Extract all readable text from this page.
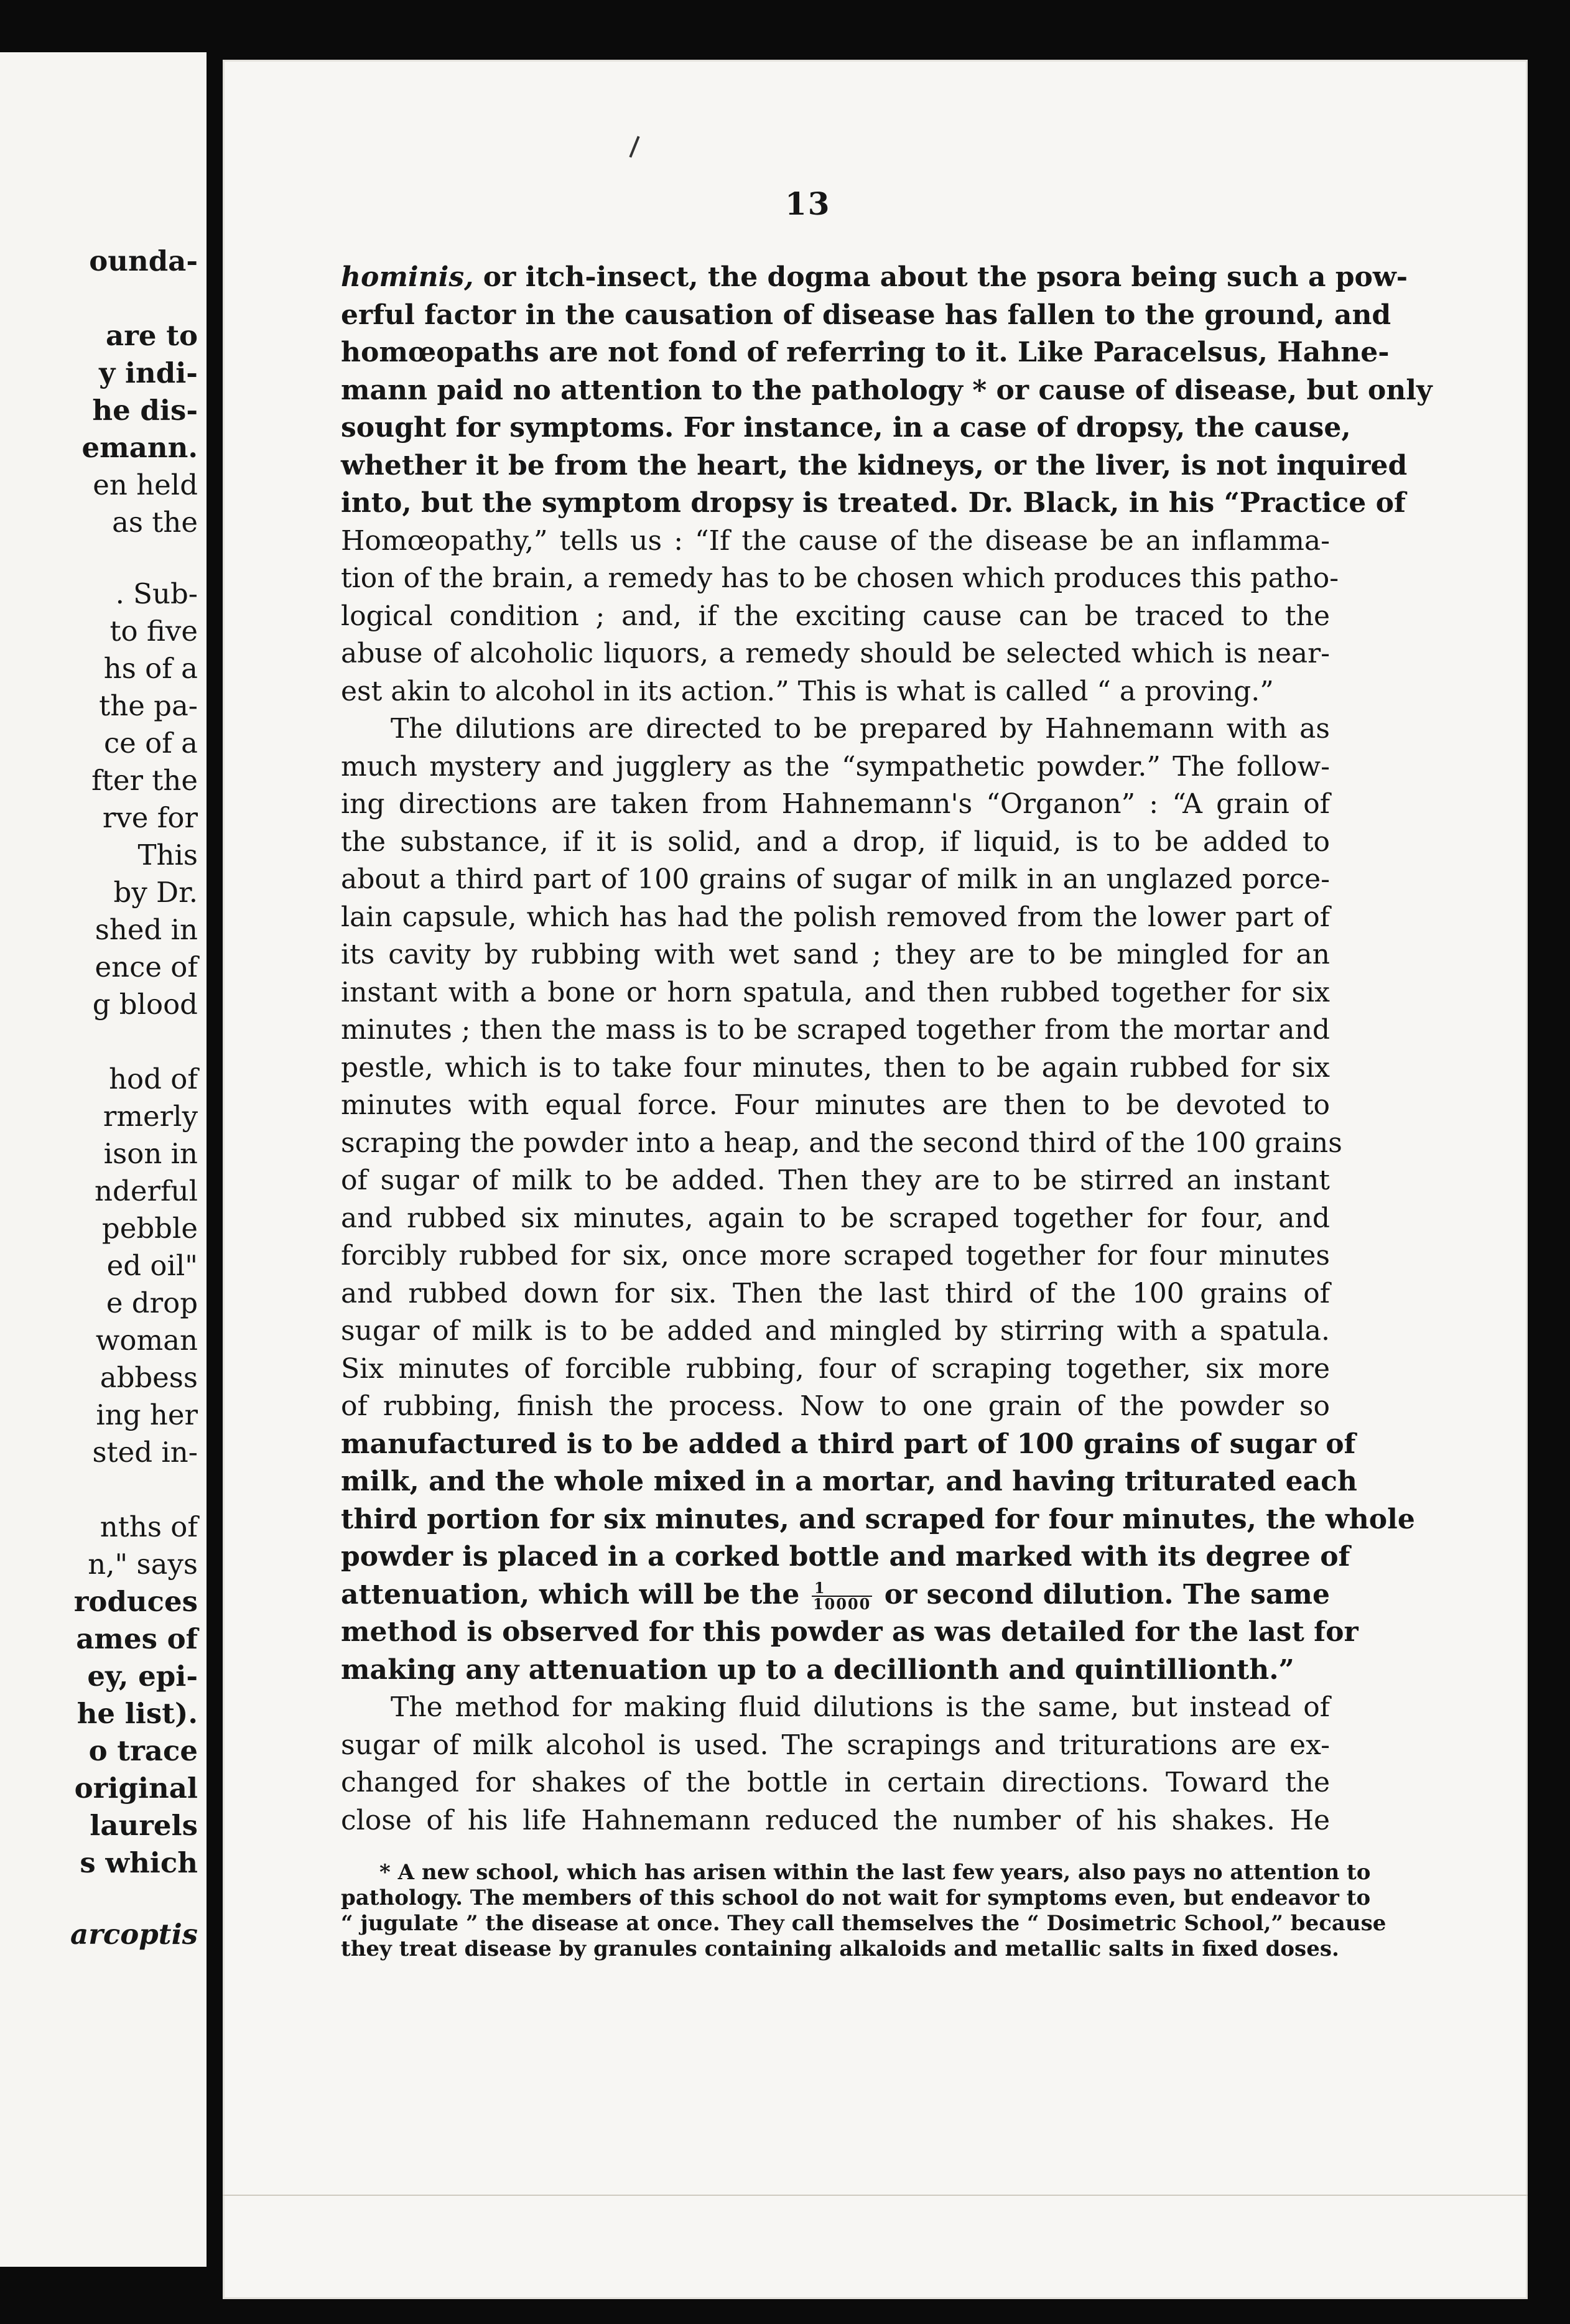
ounda-
are to
y indi-
he dis-
emann.
en held
as the
. Sub-
to five
hs of a
the pa-
ce of a
fter the
rve for
This
by Dr.
shed in
ence of
g blood
hod of
rmerly
ison in
nderful
pebble
ed oil"
e drop
woman
abbess
ing her
sted in-
nths of
n," says
roduces
ames of
ey, epi-
he list).
o trace
original
laurels
s which
arcoptis
13
hominis, or itch-insect, the dogma about the psora being such a pow-
erful factor in the causation of disease has fallen to the ground, and
homœopaths are not fond of referring to it. Like Paracelsus, Hahne-
mann paid no attention to the pathology * or cause of disease, but only
sought for symptoms. For instance, in a case of dropsy, the cause,
whether it be from the heart, the kidneys, or the liver, is not inquired
into, but the symptom dropsy is treated. Dr. Black, in his “Practice of
Homœopathy,” tells us : “If the cause of the disease be an inflamma-
tion of the brain, a remedy has to be chosen which produces this patho-
logical condition ; and, if the exciting cause can be traced to the
abuse of alcoholic liquors, a remedy should be selected which is near-
est akin to alcohol in its action.” This is what is called “ a proving.”
The dilutions are directed to be prepared by Hahnemann with as
much mystery and jugglery as the “sympathetic powder.” The follow-
ing directions are taken from Hahnemann's “Organon” : “A grain of
the substance, if it is solid, and a drop, if liquid, is to be added to
about a third part of 100 grains of sugar of milk in an unglazed porce-
lain capsule, which has had the polish removed from the lower part of
its cavity by rubbing with wet sand ; they are to be mingled for an
instant with a bone or horn spatula, and then rubbed together for six
minutes ; then the mass is to be scraped together from the mortar and
pestle, which is to take four minutes, then to be again rubbed for six
minutes with equal force. Four minutes are then to be devoted to
scraping the powder into a heap, and the second third of the 100 grains
of sugar of milk to be added. Then they are to be stirred an instant
and rubbed six minutes, again to be scraped together for four, and
forcibly rubbed for six, once more scraped together for four minutes
and rubbed down for six. Then the last third of the 100 grains of
sugar of milk is to be added and mingled by stirring with a spatula.
Six minutes of forcible rubbing, four of scraping together, six more
of rubbing, finish the process. Now to one grain of the powder so
manufactured is to be added a third part of 100 grains of sugar of
milk, and the whole mixed in a mortar, and having triturated each
third portion for six minutes, and scraped for four minutes, the whole
powder is placed in a corked bottle and marked with its degree of
attenuation, which will be the $\frac{1}{10000}$ or second dilution. The same
method is observed for this powder as was detailed for the last for
making any attenuation up to a decillionth and quintillionth.”
The method for making fluid dilutions is the same, but instead of
sugar of milk alcohol is used. The scrapings and triturations are ex-
changed for shakes of the bottle in certain directions. Toward the
close of his life Hahnemann reduced the number of his shakes. He
* A new school, which has arisen within the last few years, also pays no attention to
pathology. The members of this school do not wait for symptoms even, but endeavor to
“ jugulate ” the disease at once. They call themselves the “ Dosimetric School,” because
they treat disease by granules containing alkaloids and metallic salts in fixed doses.
